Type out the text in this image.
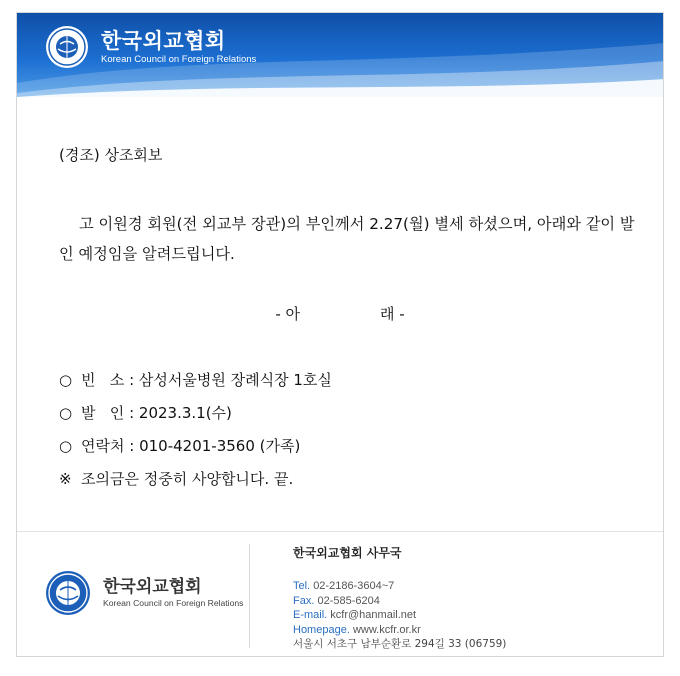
한국외교협회
Korean Council on Foreign Relations
(경조) 상조회보
고 이원경 회원(전 외교부 장관)의 부인께서 2.27(월) 별세 하셨으며, 아래와 같이 발인 예정임을 알려드립니다.
- 아	래 -
○ 빈   소 : 삼성서울병원 장례식장 1호실
○ 발   인 : 2023.3.1(수)
○ 연락처 : 010-4201-3560 (가족)
※ 조의금은 정중히 사양합니다. 끝.
한국외교협회
Korean Council on Foreign Relations
한국외교협회 사무국
Tel. 02-2186-3604~7
Fax. 02-585-6204
E-mail. kcfr@hanmail.net
Homepage. www.kcfr.or.kr
서울시 서초구 남부순환로 294길 33 (06759)
